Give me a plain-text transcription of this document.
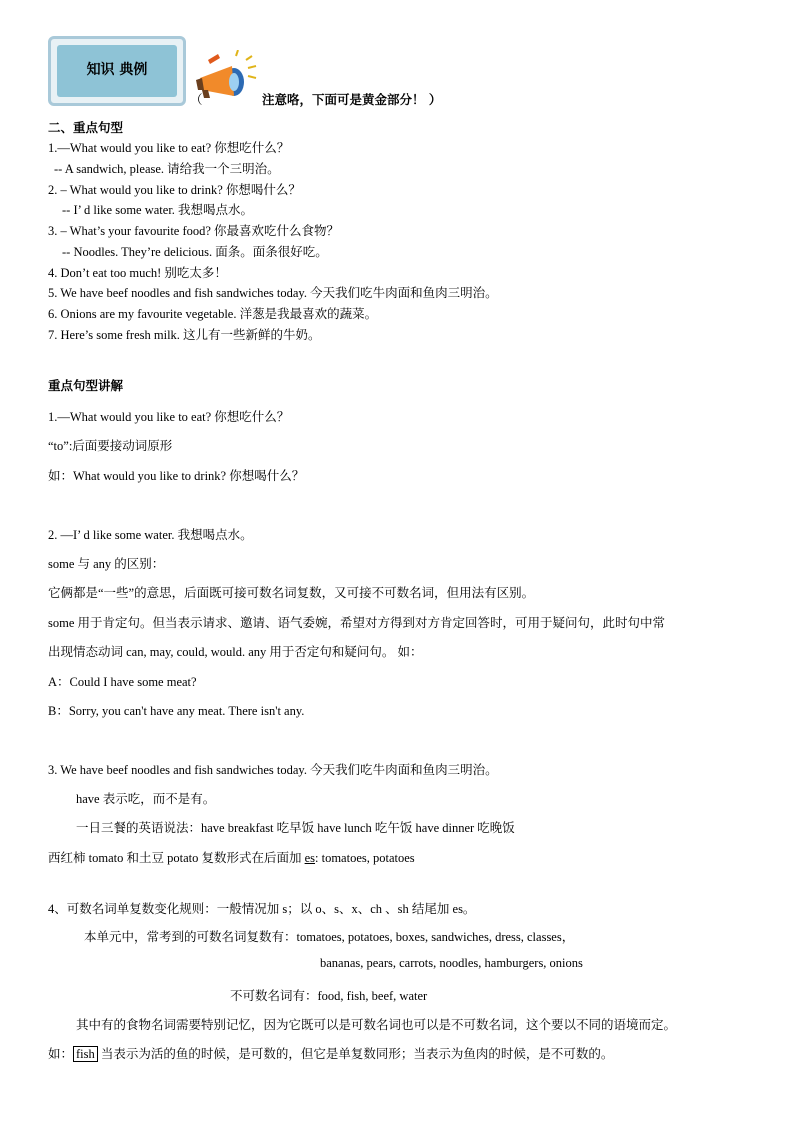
知识 典例
（	注意咯，下面可是黄金部分！ ）
二、重点句型
1.—What would you like to eat? 你想吃什么？
-- A sandwich, please. 请给我一个三明治。
2. – What would you like to drink? 你想喝什么？
-- I’ d like some water. 我想喝点水。
3. – What’s your favourite food? 你最喜欢吃什么食物？
-- Noodles. They’re delicious. 面条。面条很好吃。
4. Don’t eat too much! 别吃太多！
5. We have beef noodles and fish sandwiches today. 今天我们吃牛肉面和鱼肉三明治。
6. Onions are my favourite vegetable. 洋葱是我最喜欢的蔬菜。
7. Here’s some fresh milk. 这儿有一些新鲜的牛奶。
重点句型讲解
1.—What would you like to eat? 你想吃什么？
“to”:后面要接动词原形
如：What would you like to drink? 你想喝什么？
2. —I’ d like some water. 我想喝点水。
some 与 any 的区别：
它俩都是“一些”的意思，后面既可接可数名词复数，又可接不可数名词，但用法有区别。
some 用于肯定句。但当表示请求、邀请、语气委婉，希望对方得到对方肯定回答时，可用于疑问句，此时句中常
出现情态动词 can, may, could, would. any 用于否定句和疑问句。 如：
A：Could I have some meat?
B：Sorry, you can't have any meat. There isn't any.
3. We have beef noodles and fish sandwiches today. 今天我们吃牛肉面和鱼肉三明治。
have 表示吃，而不是有。
一日三餐的英语说法：have breakfast 吃早饭 have lunch 吃午饭 have dinner 吃晚饭
西红柿 tomato 和土豆 potato 复数形式在后面加 es: tomatoes, potatoes
4、可数名词单复数变化规则：一般情况加 s；以 o、s、x、ch 、sh 结尾加 es。
本单元中，常考到的可数名词复数有：tomatoes, potatoes, boxes, sandwiches, dress, classes，
bananas, pears, carrots, noodles, hamburgers, onions
不可数名词有：food, fish, beef, water
其中有的食物名词需要特别记忆，因为它既可以是可数名词也可以是不可数名词，这个要以不同的语境而定。
如： fish 当表示为活的鱼的时候，是可数的，但它是单复数同形；当表示为鱼肉的时候，是不可数的。
